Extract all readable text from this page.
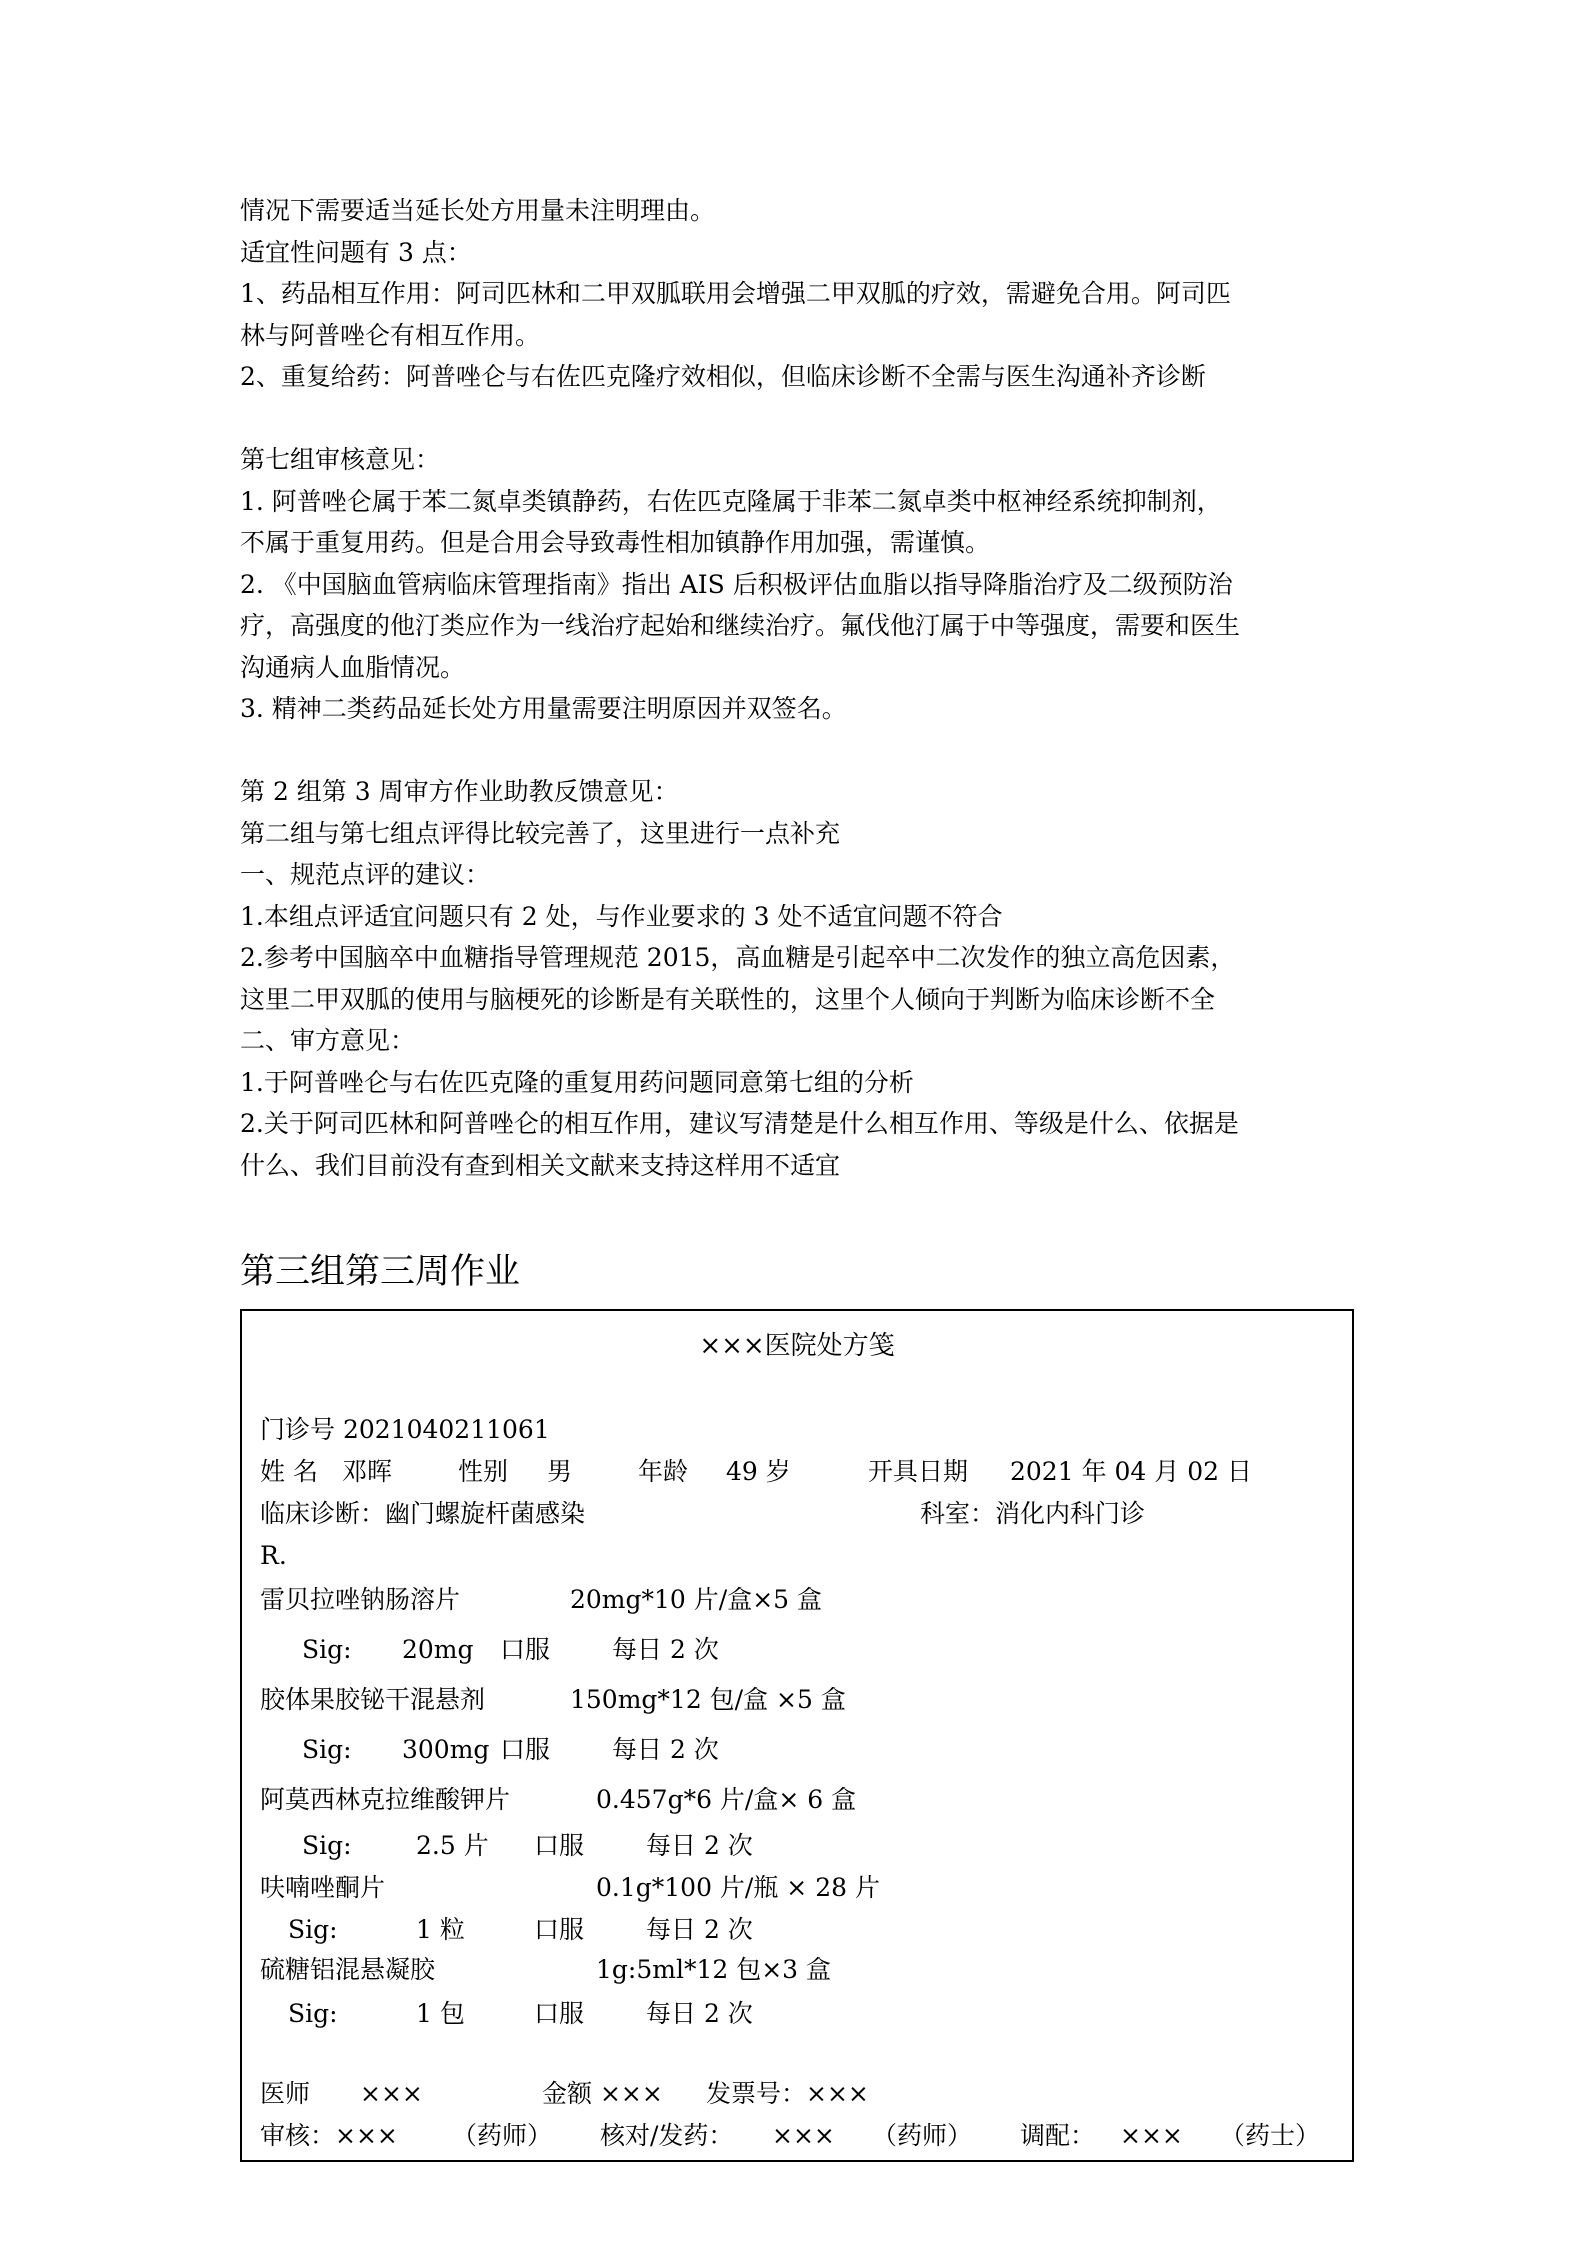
情况下需要适当延长处方用量未注明理由。

适宜性问题有 3 点：

1、药品相互作用：阿司匹林和二甲双胍联用会增强二甲双胍的疗效，需避免合用。阿司匹

林与阿普唑仑有相互作用。

2、重复给药：阿普唑仑与右佐匹克隆疗效相似，但临床诊断不全需与医生沟通补齐诊断

第七组审核意见：

1. 阿普唑仑属于苯二氮卓类镇静药，右佐匹克隆属于非苯二氮卓类中枢神经系统抑制剂，

不属于重复用药。但是合用会导致毒性相加镇静作用加强，需谨慎。

2. 《中国脑血管病临床管理指南》指出 AIS 后积极评估血脂以指导降脂治疗及二级预防治

疗，高强度的他汀类应作为一线治疗起始和继续治疗。氟伐他汀属于中等强度，需要和医生

沟通病人血脂情况。

3. 精神二类药品延长处方用量需要注明原因并双签名。

第 2 组第 3 周审方作业助教反馈意见：

第二组与第七组点评得比较完善了，这里进行一点补充

一、规范点评的建议：

1.本组点评适宜问题只有 2 处，与作业要求的 3 处不适宜问题不符合

2.参考中国脑卒中血糖指导管理规范 2015，高血糖是引起卒中二次发作的独立高危因素，

这里二甲双胍的使用与脑梗死的诊断是有关联性的，这里个人倾向于判断为临床诊断不全

二、审方意见：

1.于阿普唑仑与右佐匹克隆的重复用药问题同意第七组的分析

2.关于阿司匹林和阿普唑仑的相互作用，建议写清楚是什么相互作用、等级是什么、依据是

什么、我们目前没有查到相关文献来支持这样用不适宜

第三组第三周作业
×××医院处方笺
门诊号 2021040211061
姓 名 邓晖	性别 男	年龄 49 岁	开具日期 2021 年 04 月 02 日
临床诊断：幽门螺旋杆菌感染	科室：消化内科门诊
R.
雷贝拉唑钠肠溶片	20mg*10 片/盒×5 盒
Sig: 20mg 口服 每日 2 次
胶体果胶铋干混悬剂	150mg*12 包/盒 ×5 盒
Sig: 300mg 口服 每日 2 次
阿莫西林克拉维酸钾片	0.457g*6 片/盒× 6 盒
Sig:	2.5 片 口服 每日 2 次
呋喃唑酮片	0.1g*100 片/瓶 × 28 片
Sig:	1 粒	口服 每日 2 次
硫糖铝混悬凝胶	1g:5ml*12 包×3 盒
Sig:	1 包	口服 每日 2 次
医师 ×××	金额 ××× 发票号：×××
审核：××× （药师） 核对/发药： ××× （药师） 调配： ××× （药士）
